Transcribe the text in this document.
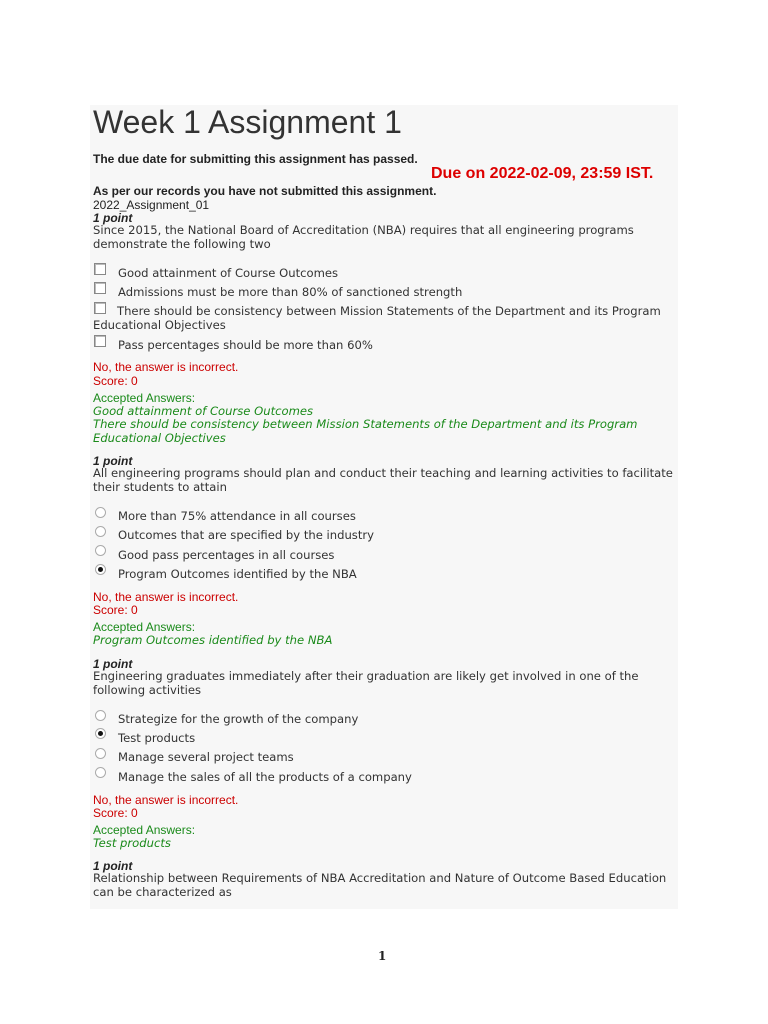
Week 1 Assignment 1
The due date for submitting this assignment has passed.
Due on 2022-02-09, 23:59 IST.
As per our records you have not submitted this assignment.
2022_Assignment_01
1 point
Since 2015, the National Board of Accreditation (NBA) requires that all engineering programs demonstrate the following two
Good attainment of Course Outcomes
Admissions must be more than 80% of sanctioned strength
There should be consistency between Mission Statements of the Department and its Program Educational Objectives
Pass percentages should be more than 60%
No, the answer is incorrect.
Score: 0
Accepted Answers:
Good attainment of Course Outcomes
There should be consistency between Mission Statements of the Department and its Program Educational Objectives
1 point
All engineering programs should plan and conduct their teaching and learning activities to facilitate their students to attain
More than 75% attendance in all courses
Outcomes that are specified by the industry
Good pass percentages in all courses
Program Outcomes identified by the NBA
No, the answer is incorrect.
Score: 0
Accepted Answers:
Program Outcomes identified by the NBA
1 point
Engineering graduates immediately after their graduation are likely get involved in one of the following activities
Strategize for the growth of the company
Test products
Manage several project teams
Manage the sales of all the products of a company
No, the answer is incorrect.
Score: 0
Accepted Answers:
Test products
1 point
Relationship between Requirements of NBA Accreditation and Nature of Outcome Based Education can be characterized as
1
